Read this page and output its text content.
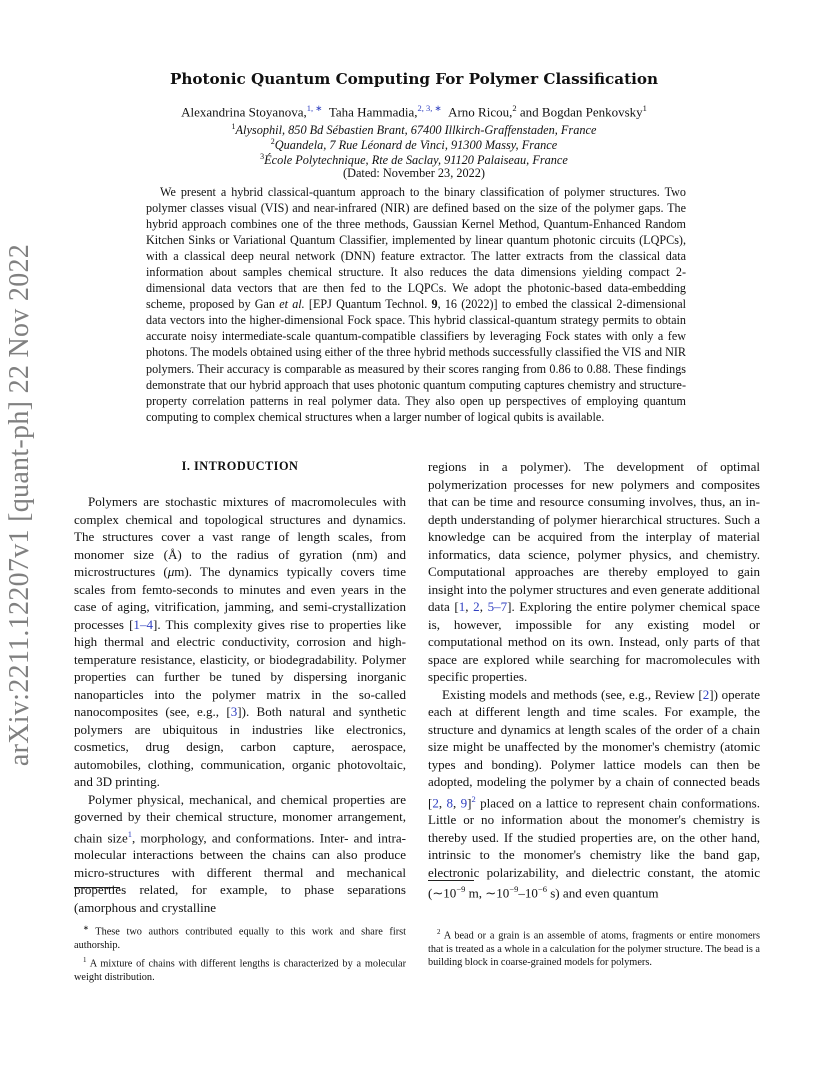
arXiv:2211.12207v1 [quant-ph] 22 Nov 2022
Photonic Quantum Computing For Polymer Classification
Alexandrina Stoyanova,$^{1, ∗}$ Taha Hammadia,$^{2, 3, ∗}$ Arno Ricou,$^2$ and Bogdan Penkovsky$^1$
$^1$Alysophil, 850 Bd Sébastien Brant, 67400 Illkirch-Graffenstaden, France
$^2$Quandela, 7 Rue Léonard de Vinci, 91300 Massy, France
$^3$École Polytechnique, Rte de Saclay, 91120 Palaiseau, France
(Dated: November 23, 2022)
We present a hybrid classical-quantum approach to the binary classification of polymer structures. Two polymer classes visual (VIS) and near-infrared (NIR) are defined based on the size of the polymer gaps. The hybrid approach combines one of the three methods, Gaussian Kernel Method, Quantum-Enhanced Random Kitchen Sinks or Variational Quantum Classifier, implemented by linear quantum photonic circuits (LQPCs), with a classical deep neural network (DNN) feature extractor. The latter extracts from the classical data information about samples chemical structure. It also reduces the data dimensions yielding compact 2-dimensional data vectors that are then fed to the LQPCs. We adopt the photonic-based data-embedding scheme, proposed by Gan et al. [EPJ Quantum Technol. 9, 16 (2022)] to embed the classical 2-dimensional data vectors into the higher-dimensional Fock space. This hybrid classical-quantum strategy permits to obtain accurate noisy intermediate-scale quantum-compatible classifiers by leveraging Fock states with only a few photons. The models obtained using either of the three hybrid methods successfully classified the VIS and NIR polymers. Their accuracy is comparable as measured by their scores ranging from 0.86 to 0.88. These findings demonstrate that our hybrid approach that uses photonic quantum computing captures chemistry and structure-property correlation patterns in real polymer data. They also open up perspectives of employing quantum computing to complex chemical structures when a larger number of logical qubits is available.
I. INTRODUCTION

Polymers are stochastic mixtures of macromolecules with complex chemical and topological structures and dynamics. The structures cover a vast range of length scales, from monomer size (Å) to the radius of gyration (nm) and microstructures (μm). The dynamics typically covers time scales from femto-seconds to minutes and even years in the case of aging, vitrification, jamming, and semi-crystallization processes [1–4]. This complexity gives rise to properties like high thermal and electric conductivity, corrosion and high-temperature resistance, elasticity, or biodegradability. Polymer properties can further be tuned by dispersing inorganic nanoparticles into the polymer matrix in the so-called nanocomposites (see, e.g., [3]). Both natural and synthetic polymers are ubiquitous in industries like electronics, cosmetics, drug design, carbon capture, aerospace, automobiles, clothing, communication, organic photovoltaic, and 3D printing.

Polymer physical, mechanical, and chemical properties are governed by their chemical structure, monomer arrangement, chain size$^1$, morphology, and conformations. Inter- and intra-molecular interactions between the chains can also produce micro-structures with different thermal and mechanical properties related, for example, to phase separations (amorphous and crystalline

regions in a polymer). The development of optimal polymerization processes for new polymers and composites that can be time and resource consuming involves, thus, an in-depth understanding of polymer hierarchical structures. Such a knowledge can be acquired from the interplay of material informatics, data science, polymer physics, and chemistry. Computational approaches are thereby employed to gain insight into the polymer structures and even generate additional data [1, 2, 5–7]. Exploring the entire polymer chemical space is, however, impossible for any existing model or computational method on its own. Instead, only parts of that space are explored while searching for macromolecules with specific properties.

Existing models and methods (see, e.g., Review [2]) operate each at different length and time scales. For example, the structure and dynamics at length scales of the order of a chain size might be unaffected by the monomer's chemistry (atomic types and bonding). Polymer lattice models can then be adopted, modeling the polymer by a chain of connected beads [2, 8, 9]$^2$ placed on a lattice to represent chain conformations. Little or no information about the monomer's chemistry is thereby used. If the studied properties are, on the other hand, intrinsic to the monomer's chemistry like the band gap, electronic polarizability, and dielectric constant, the atomic (∼10$^{-9}$ m, ∼10$^{-9}$–10$^{-6}$ s) and even quantum

∗ These two authors contributed equally to this work and share first authorship.

$^1$ A mixture of chains with different lengths is characterized by a molecular weight distribution.

$^2$ A bead or a grain is an assemble of atoms, fragments or entire monomers that is treated as a whole in a calculation for the polymer structure. The bead is a building block in coarse-grained models for polymers.
